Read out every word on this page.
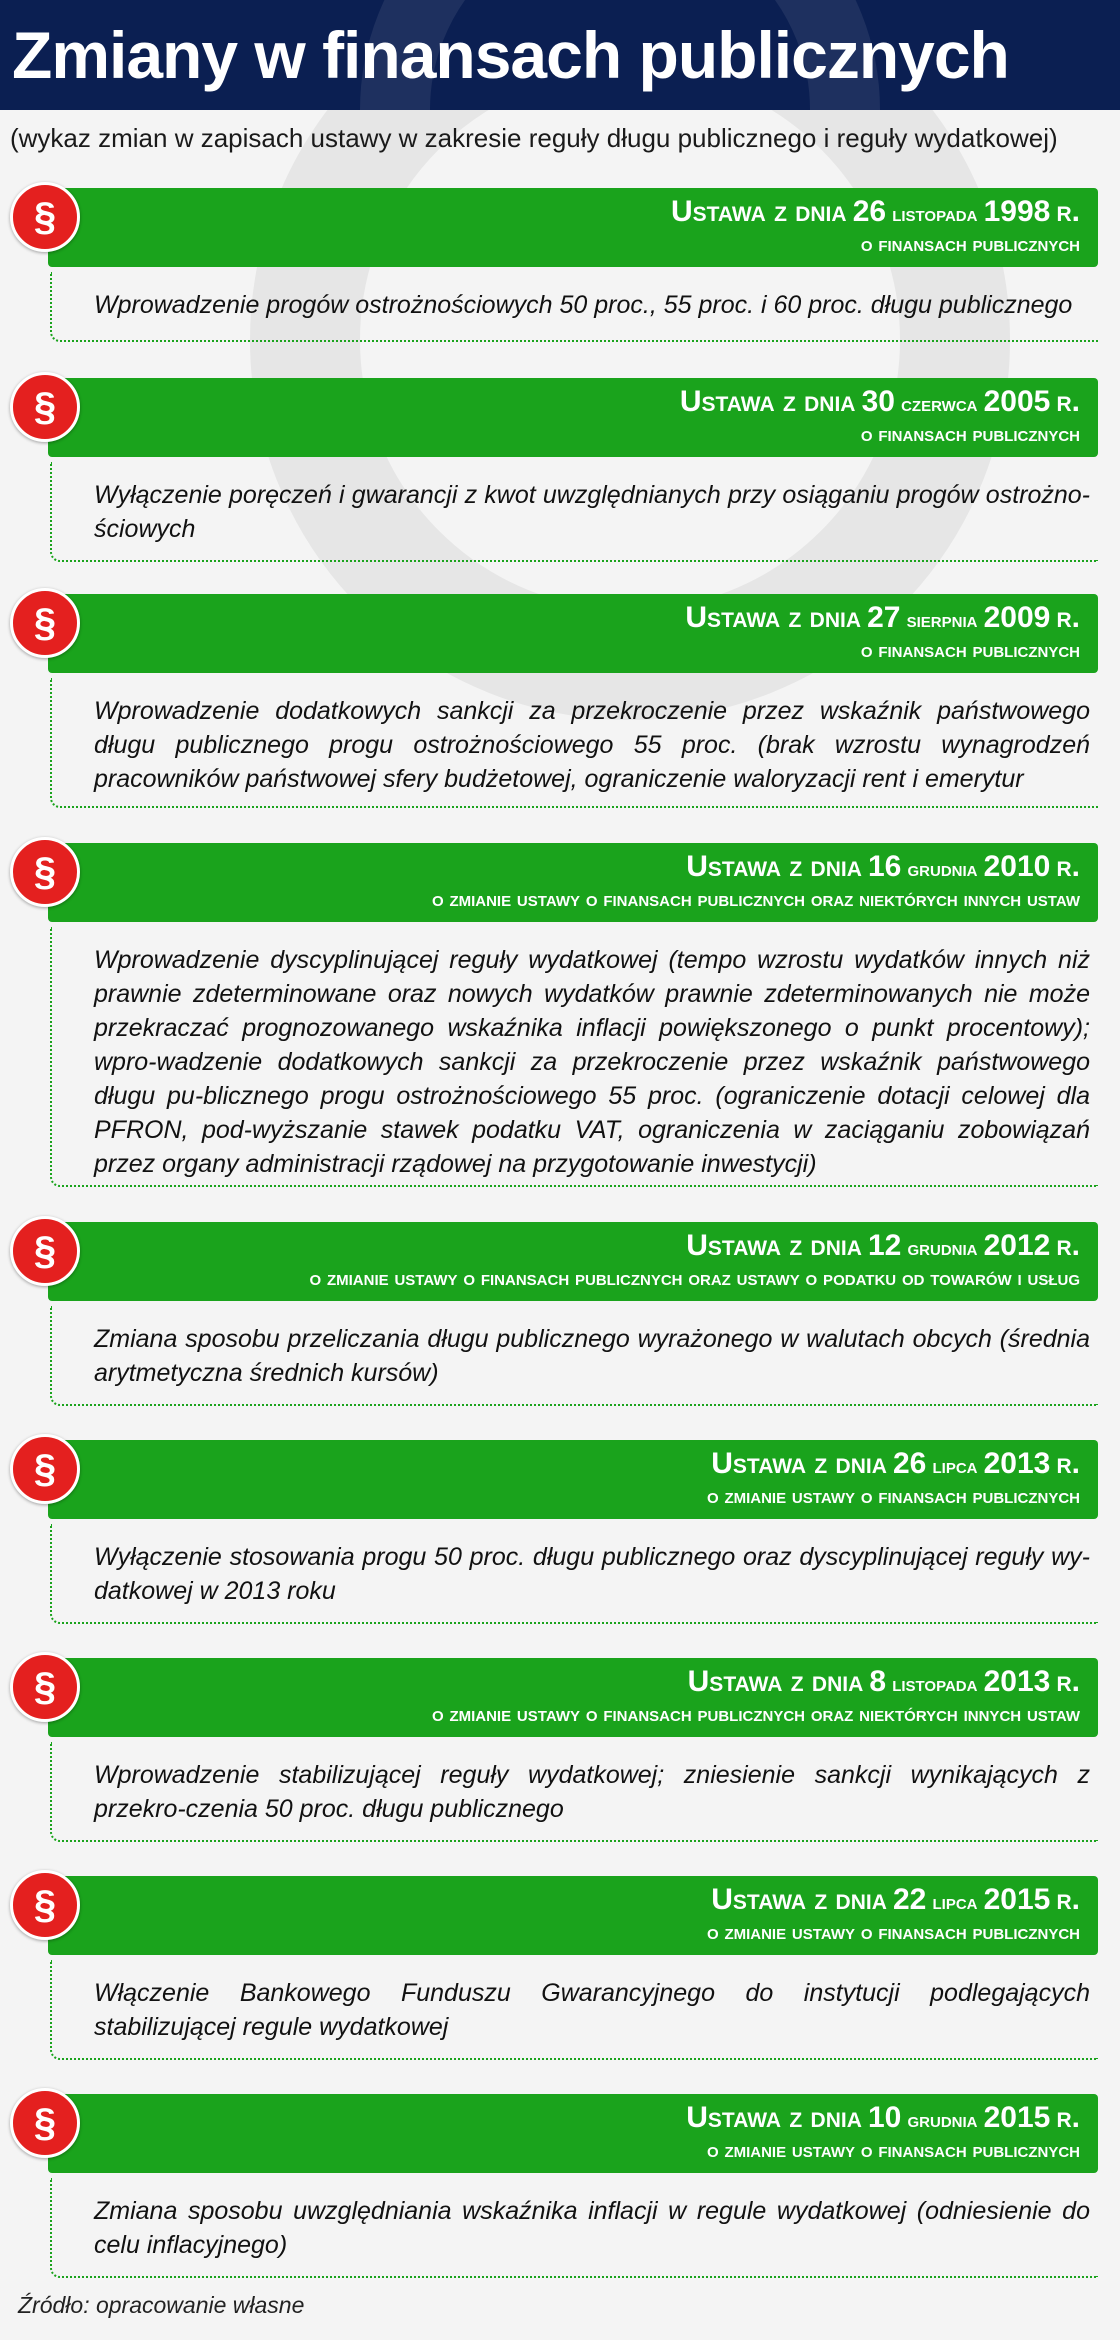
Zmiany w finansach publicznych
(wykaz zmian w zapisach ustawy w zakresie reguły długu publicznego i reguły wydatkowej)
Ustawa z dnia 26 listopada 1998 r.
o finansach publicznych
§
Wprowadzenie progów ostrożnościowych 50 proc., 55 proc. i 60 proc. długu publicznego
Ustawa z dnia 30 czerwca 2005 r.
o finansach publicznych
§
Wyłączenie poręczeń i gwarancji z kwot uwzględnianych przy osiąganiu progów ostrożno-ściowych
Ustawa z dnia 27 sierpnia 2009 r.
o finansach publicznych
§
Wprowadzenie dodatkowych sankcji za przekroczenie przez wskaźnik państwowego długu publicznego progu ostrożnościowego 55 proc. (brak wzrostu wynagrodzeń pracowników państwowej sfery budżetowej, ograniczenie waloryzacji rent i emerytur
Ustawa z dnia 16 grudnia 2010 r.
o zmianie ustawy o finansach publicznych oraz niektórych innych ustaw
§
Wprowadzenie dyscyplinującej reguły wydatkowej (tempo wzrostu wydatków innych niż prawnie zdeterminowane oraz nowych wydatków prawnie zdeterminowanych nie może przekraczać prognozowanego wskaźnika inflacji powiększonego o punkt procentowy); wpro-wadzenie dodatkowych sankcji za przekroczenie przez wskaźnik państwowego długu pu-blicznego progu ostrożnościowego 55 proc. (ograniczenie dotacji celowej dla PFRON, pod-wyższanie stawek podatku VAT, ograniczenia w zaciąganiu zobowiązań przez organy administracji rządowej na przygotowanie inwestycji)
Ustawa z dnia 12 grudnia 2012 r.
o zmianie ustawy o finansach publicznych oraz ustawy o podatku od towarów i usług
§
Zmiana sposobu przeliczania długu publicznego wyrażonego w walutach obcych (średnia arytmetyczna średnich kursów)
Ustawa z dnia 26 lipca 2013 r.
o zmianie ustawy o finansach publicznych
§
Wyłączenie stosowania progu 50 proc. długu publicznego oraz dyscyplinującej reguły wy-datkowej w 2013 roku
Ustawa z dnia 8 listopada 2013 r.
o zmianie ustawy o finansach publicznych oraz niektórych innych ustaw
§
Wprowadzenie stabilizującej reguły wydatkowej; zniesienie sankcji wynikających z przekro-czenia 50 proc. długu publicznego
Ustawa z dnia 22 lipca 2015 r.
o zmianie ustawy o finansach publicznych
§
Włączenie Bankowego Funduszu Gwarancyjnego do instytucji podlegających stabilizującej regule wydatkowej
Ustawa z dnia 10 grudnia 2015 r.
o zmianie ustawy o finansach publicznych
§
Zmiana sposobu uwzględniania wskaźnika inflacji w regule wydatkowej (odniesienie do celu inflacyjnego)
Źródło: opracowanie własne
